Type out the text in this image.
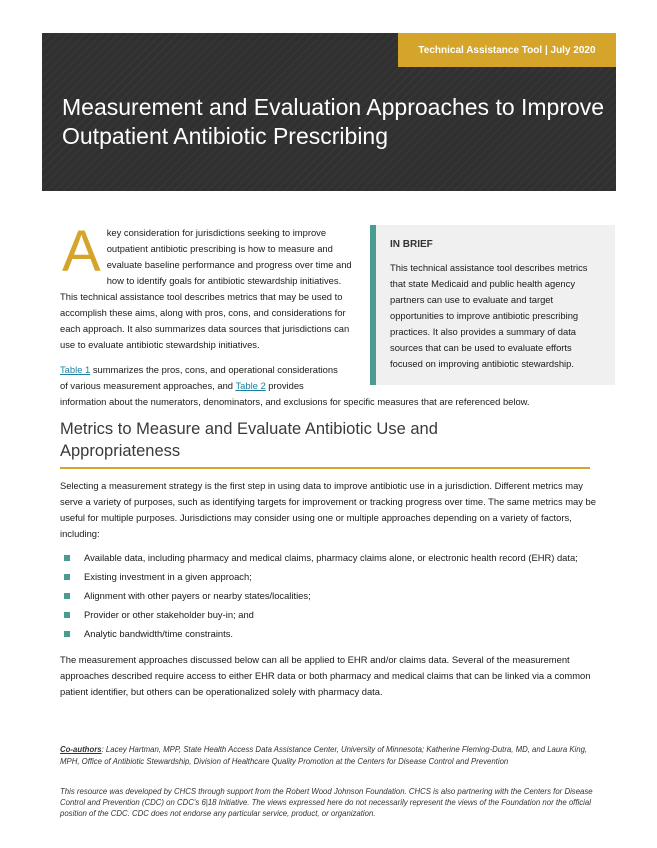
Technical Assistance Tool | July 2020
Measurement and Evaluation Approaches to Improve
Outpatient Antibiotic Prescribing
A key consideration for jurisdictions seeking to improve outpatient antibiotic prescribing is how to measure and evaluate baseline performance and progress over time and how to identify goals for antibiotic stewardship initiatives. This technical assistance tool describes metrics that may be used to accomplish these aims, along with pros, cons, and considerations for each approach. It also summarizes data sources that jurisdictions can use to evaluate antibiotic stewardship initiatives.

IN BRIEF

This technical assistance tool describes metrics that state Medicaid and public health agency partners can use to evaluate and target opportunities to improve antibiotic prescribing practices. It also provides a summary of data sources that can be used to evaluate efforts focused on improving antibiotic stewardship.

Table 1 summarizes the pros, cons, and operational considerations
of various measurement approaches, and Table 2 provides
information about the numerators, denominators, and exclusions for specific measures that are referenced below.
Metrics to Measure and Evaluate Antibiotic Use and
Appropriateness

Selecting a measurement strategy is the first step in using data to improve antibiotic use in a jurisdiction. Different metrics may serve a variety of purposes, such as identifying targets for improvement or tracking progress over time. The same metrics may be useful for multiple purposes. Jurisdictions may consider using one or multiple approaches depending on a variety of factors, including:

Available data, including pharmacy and medical claims, pharmacy claims alone, or electronic health record (EHR) data;
Existing investment in a given approach;
Alignment with other payers or nearby states/localities;
Provider or other stakeholder buy-in; and
Analytic bandwidth/time constraints.

The measurement approaches discussed below can all be applied to EHR and/or claims data. Several of the measurement approaches described require access to either EHR data or both pharmacy and medical claims that can be linked via a common patient identifier, but others can be operationalized solely with pharmacy data.

Co-authors: Lacey Hartman, MPP, State Health Access Data Assistance Center, University of Minnesota; Katherine Fleming-Dutra, MD, and Laura King, MPH, Office of Antibiotic Stewardship, Division of Healthcare Quality Promotion at the Centers for Disease Control and Prevention
This resource was developed by CHCS through support from the Robert Wood Johnson Foundation. CHCS is also partnering with the Centers for Disease Control and Prevention (CDC) on CDC's 6|18 Initiative. The views expressed here do not necessarily represent the views of the Foundation nor the official position of the CDC. CDC does not endorse any particular service, product, or organization.
